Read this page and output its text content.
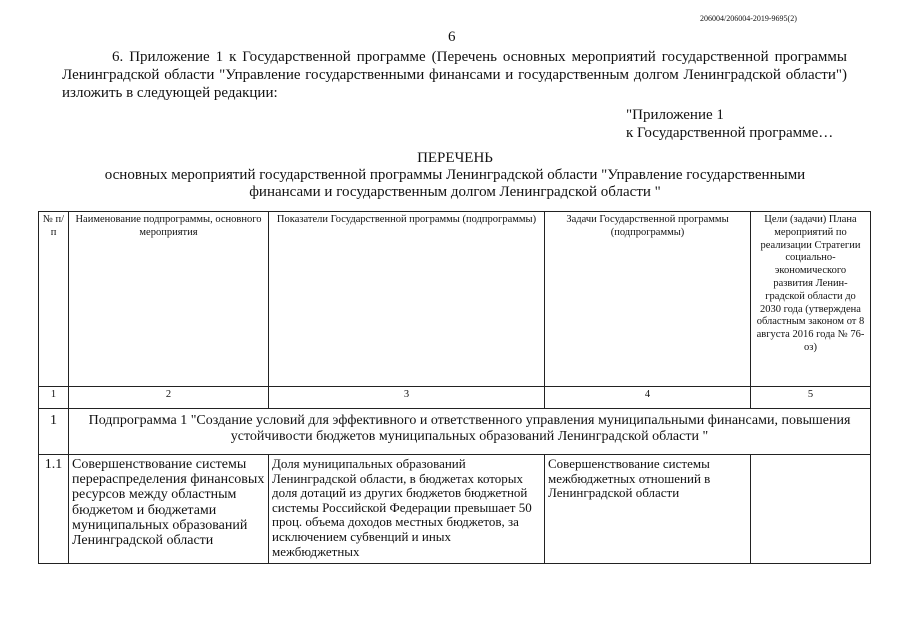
206004/206004-2019-9695(2)
6
6. Приложение 1 к Государственной программе (Перечень основных мероприятий государственной программы Ленинградской области "Управление государственными финансами и государственным долгом Ленинградской области") изложить в следующей редакции:
"Приложение 1
к Государственной программе…
ПЕРЕЧЕНЬ
основных мероприятий государственной программы Ленинградской области "Управление государственными
финансами и государственным долгом Ленинградской области "
№ п/п	Наименование подпрограммы, основного мероприятия	Показатели Государственной программы (подпрограммы)	Задачи Государственной программы (подпрограммы)	Цели (задачи) Плана мероприятий по реализации Стратегии социально-экономического развития Ленин-градской области до 2030 года (утверждена областным законом от 8 августа 2016 года № 76-оз)
1	2	3	4	5
1	Подпрограмма 1 "Создание условий для эффективного и ответственного управления муниципальными финансами, повышения устойчивости бюджетов муниципальных образований Ленинградской области "			
1.1	Совершенствование системы перераспределения финансовых ресурсов между областным бюджетом и бюджетами муниципальных образований Ленинградской области	Доля муниципальных образований Ленинградской области, в бюджетах которых доля дотаций из других бюджетов бюджетной системы Российской Федерации превышает 50 проц. объема доходов местных бюджетов, за исключением субвенций и иных межбюджетных	Совершенствование системы межбюджетных отношений в Ленинградской области	
